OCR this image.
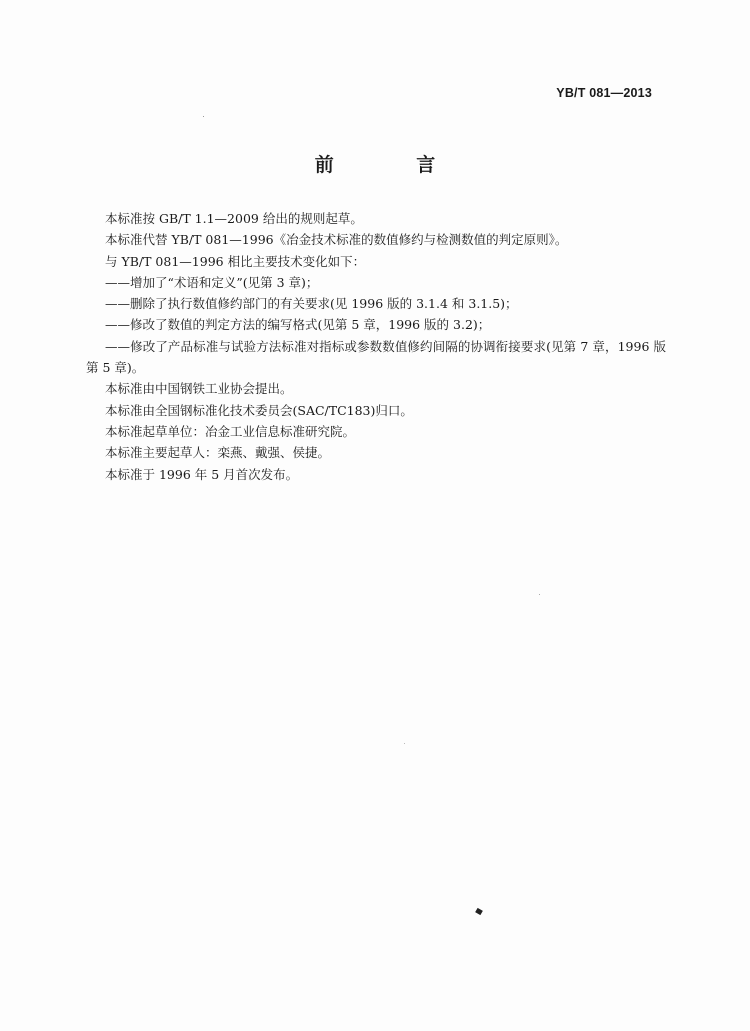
YB/T 081—2013
前 言

本标准按 GB/T 1.1—2009 给出的规则起草。

本标准代替 YB/T 081—1996《冶金技术标准的数值修约与检测数值的判定原则》。

与 YB/T 081—1996 相比主要技术变化如下：

——增加了“术语和定义”(见第 3 章)；

——删除了执行数值修约部门的有关要求(见 1996 版的 3.1.4 和 3.1.5)；

——修改了数值的判定方法的编写格式(见第 5 章，1996 版的 3.2)；

——修改了产品标准与试验方法标准对指标或参数数值修约间隔的协调衔接要求(见第 7 章，1996 版第 5 章)。

本标准由中国钢铁工业协会提出。

本标准由全国钢标准化技术委员会(SAC/TC183)归口。

本标准起草单位：冶金工业信息标准研究院。

本标准主要起草人：栾燕、戴强、侯捷。

本标准于 1996 年 5 月首次发布。
